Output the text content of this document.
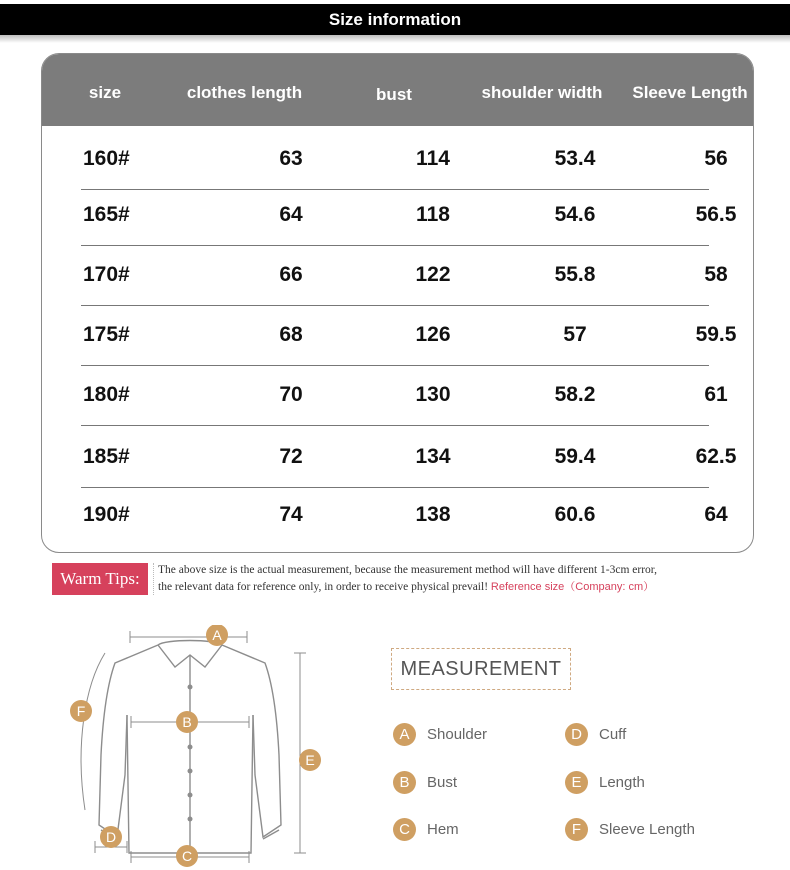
Size information
size	clothes length	bust	shoulder width	Sleeve Length
160#	63	114	53.4	56
165#	64	118	54.6	56.5
170#	66	122	55.8	58
175#	68	126	57	59.5
180#	70	130	58.2	61
185#	72	134	59.4	62.5
190#	74	138	60.6	64
Warm Tips:	The above size is the actual measurement, because the measurement method will have different 1-3cm error,
the relevant data for reference only, in order to receive physical prevail! Reference size（Company: cm）
A
B
C
D
E
F
MEASUREMENT
A	Shoulder
B	Bust
C	Hem
D	Cuff
E	Length
F	Sleeve Length
